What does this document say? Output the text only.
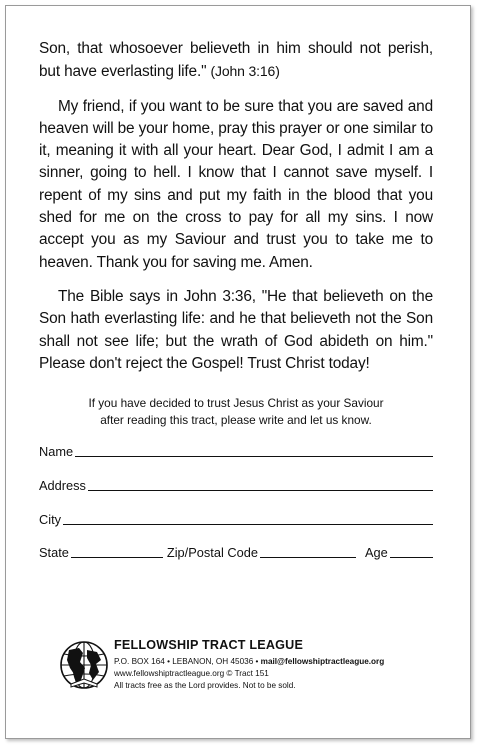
Son, that whosoever believeth in him should not perish, but have everlasting life." (John 3:16)

My friend, if you want to be sure that you are saved and heaven will be your home, pray this prayer or one similar to it, meaning it with all your heart. Dear God, I admit I am a sinner, going to hell. I know that I cannot save myself. I repent of my sins and put my faith in the blood that you shed for me on the cross to pay for all my sins. I now accept you as my Saviour and trust you to take me to heaven. Thank you for saving me. Amen.

The Bible says in John 3:36, "He that believeth on the Son hath everlasting life: and he that believeth not the Son shall not see life; but the wrath of God abideth on him." Please don't reject the Gospel! Trust Christ today!

If you have decided to trust Jesus Christ as your Saviour
after reading this tract, please write and let us know.
Name
Address
City
State	Zip/Postal Code	Age
FELLOWSHIP TRACT LEAGUE
P.O. BOX 164 • LEBANON, OH 45036 • mail@fellowshiptractleague.org
www.fellowshiptractleague.org © Tract 151
All tracts free as the Lord provides. Not to be sold.
